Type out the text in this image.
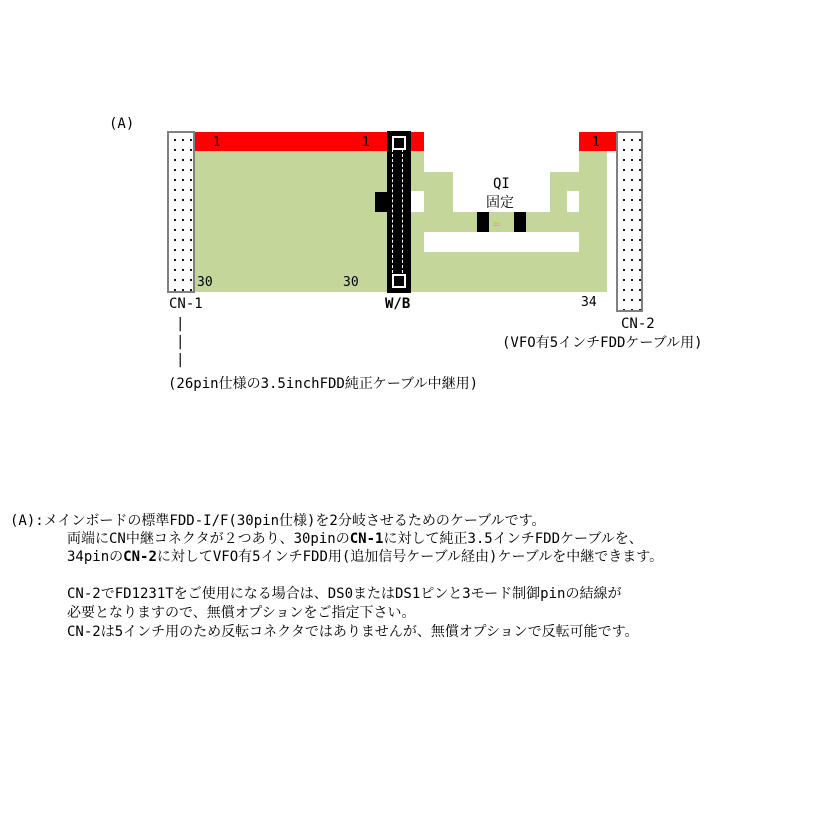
(A)
1	1	1
30	30
34
QI
固定
=
CN-1	W/B
CN-2
(VFO有5インチFDDケーブル用)
|
|
|
(26pin仕様の3.5inchFDD純正ケーブル中継用)
(A):メインボードの標準FDD-I/F(30pin仕様)を2分岐させるためのケーブルです。
両端にCN中継コネクタが２つあり、30pinのCN-1に対して純正3.5インチFDDケーブルを、
34pinのCN-2に対してVFO有5インチFDD用(追加信号ケーブル経由)ケーブルを中継できます。
CN-2でFD1231Tをご使用になる場合は、DS0またはDS1ピンと3モード制御pinの結線が
必要となりますので、無償オプションをご指定下さい。
CN-2は5インチ用のため反転コネクタではありませんが、無償オプションで反転可能です。
